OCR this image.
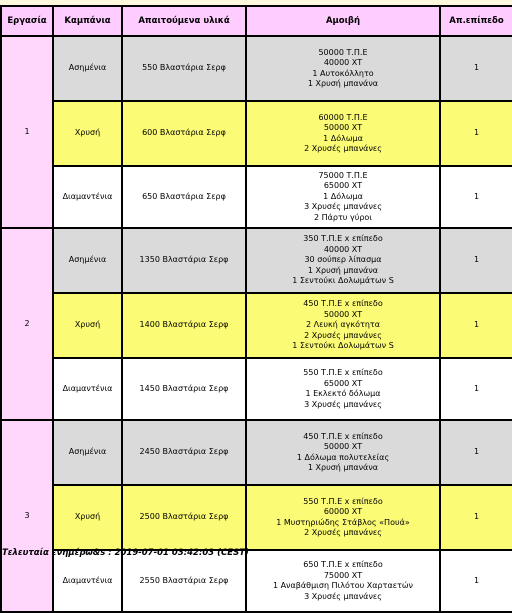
Εργασία	Καμπάνια	Απαιτούμενα υλικά	Αμοιβή	Απ.επίπεδο
1	Ασημένια	550 Βλαστάρια Σερφ	50000 Τ.Π.Ε
40000 ΧΤ
1 Αυτοκόλλητο
1 Χρυσή μπανάνα	1
	Χρυσή	600 Βλαστάρια Σερφ	60000 Τ.Π.Ε
50000 ΧΤ
1 Δόλωμα
2 Χρυσές μπανάνες	1
	Διαμαντένια	650 Βλαστάρια Σερφ	75000 Τ.Π.Ε
65000 ΧΤ
1 Δόλωμα
3 Χρυσές μπανάνες
2 Πάρτυ γύροι	1
2	Ασημένια	1350 Βλαστάρια Σερφ	350 Τ.Π.Ε x επίπεδο
40000 ΧΤ
30 σούπερ λίπασμα
1 Χρυσή μπανάνα
1 Σεντούκι Δολωμάτων S	1
	Χρυσή	1400 Βλαστάρια Σερφ	450 Τ.Π.Ε x επίπεδο
50000 ΧΤ
2 Λευκή αγκότητα
2 Χρυσές μπανάνες
1 Σεντούκι Δολωμάτων S	1
	Διαμαντένια	1450 Βλαστάρια Σερφ	550 Τ.Π.Ε x επίπεδο
65000 ΧΤ
1 Εκλεκτό δόλωμα
3 Χρυσές μπανάνες	1
3	Ασημένια	2450 Βλαστάρια Σερφ	450 Τ.Π.Ε x επίπεδο
50000 ΧΤ
1 Δόλωμα πολυτελείας
1 Χρυσή μπανάνα	1
	Χρυσή	2500 Βλαστάρια Σερφ	550 Τ.Π.Ε x επίπεδο
60000 ΧΤ
1 Μυστηριώδης Στάβλος «Πουά»
2 Χρυσές μπανάνες	1
	Διαμαντένια	2550 Βλαστάρια Σερφ	650 Τ.Π.Ε x επίπεδο
75000 ΧΤ
1 Αναβάθμιση Πιλότου Χαρταετών
3 Χρυσές μπανάνες	1
Τελευταία ενημέρω&s : 2019-07-01 03:42:03 (CEST)
